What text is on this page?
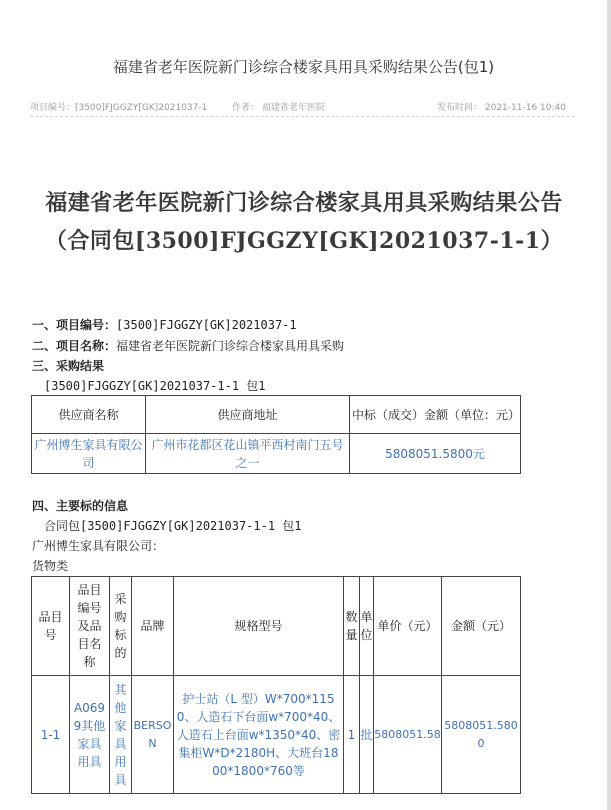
福建省老年医院新门诊综合楼家具用具采购结果公告(包1)
项目编号：[3500]FJGGZY[GK]2021037-1	作者： 福建省老年医院	发布时间： 2021-11-16 10:40
福建省老年医院新门诊综合楼家具用具采购结果公告（合同包[3500]FJGGZY[GK]2021037-1-1）
一、项目编号：[3500]FJGGZY[GK]2021037-1
二、项目名称：福建省老年医院新门诊综合楼家具用具采购
三、采购结果
[3500]FJGGZY[GK]2021037-1-1 包1
供应商名称	供应商地址	中标（成交）金额（单位：元）
广州博生家具有限公司	广州市花都区花山镇平西村南门五号之一	5808051.5800元
四、主要标的信息
合同包[3500]FJGGZY[GK]2021037-1-1 包1
广州博生家具有限公司：
货物类
品目号	品目编号及品目名称	采购标的	品牌	规格型号	数量	单位	单价（元）	金额（元）
1-1	A0699其他家具用具	其他家具用具	BERSON	护士站（L 型）W*700*1150、人造石下台面w*700*40、人造石上台面w*1350*40、密集柜W*D*2180H、大班台1800*1800*760等	1	批	5808051.58	5808051.5800
